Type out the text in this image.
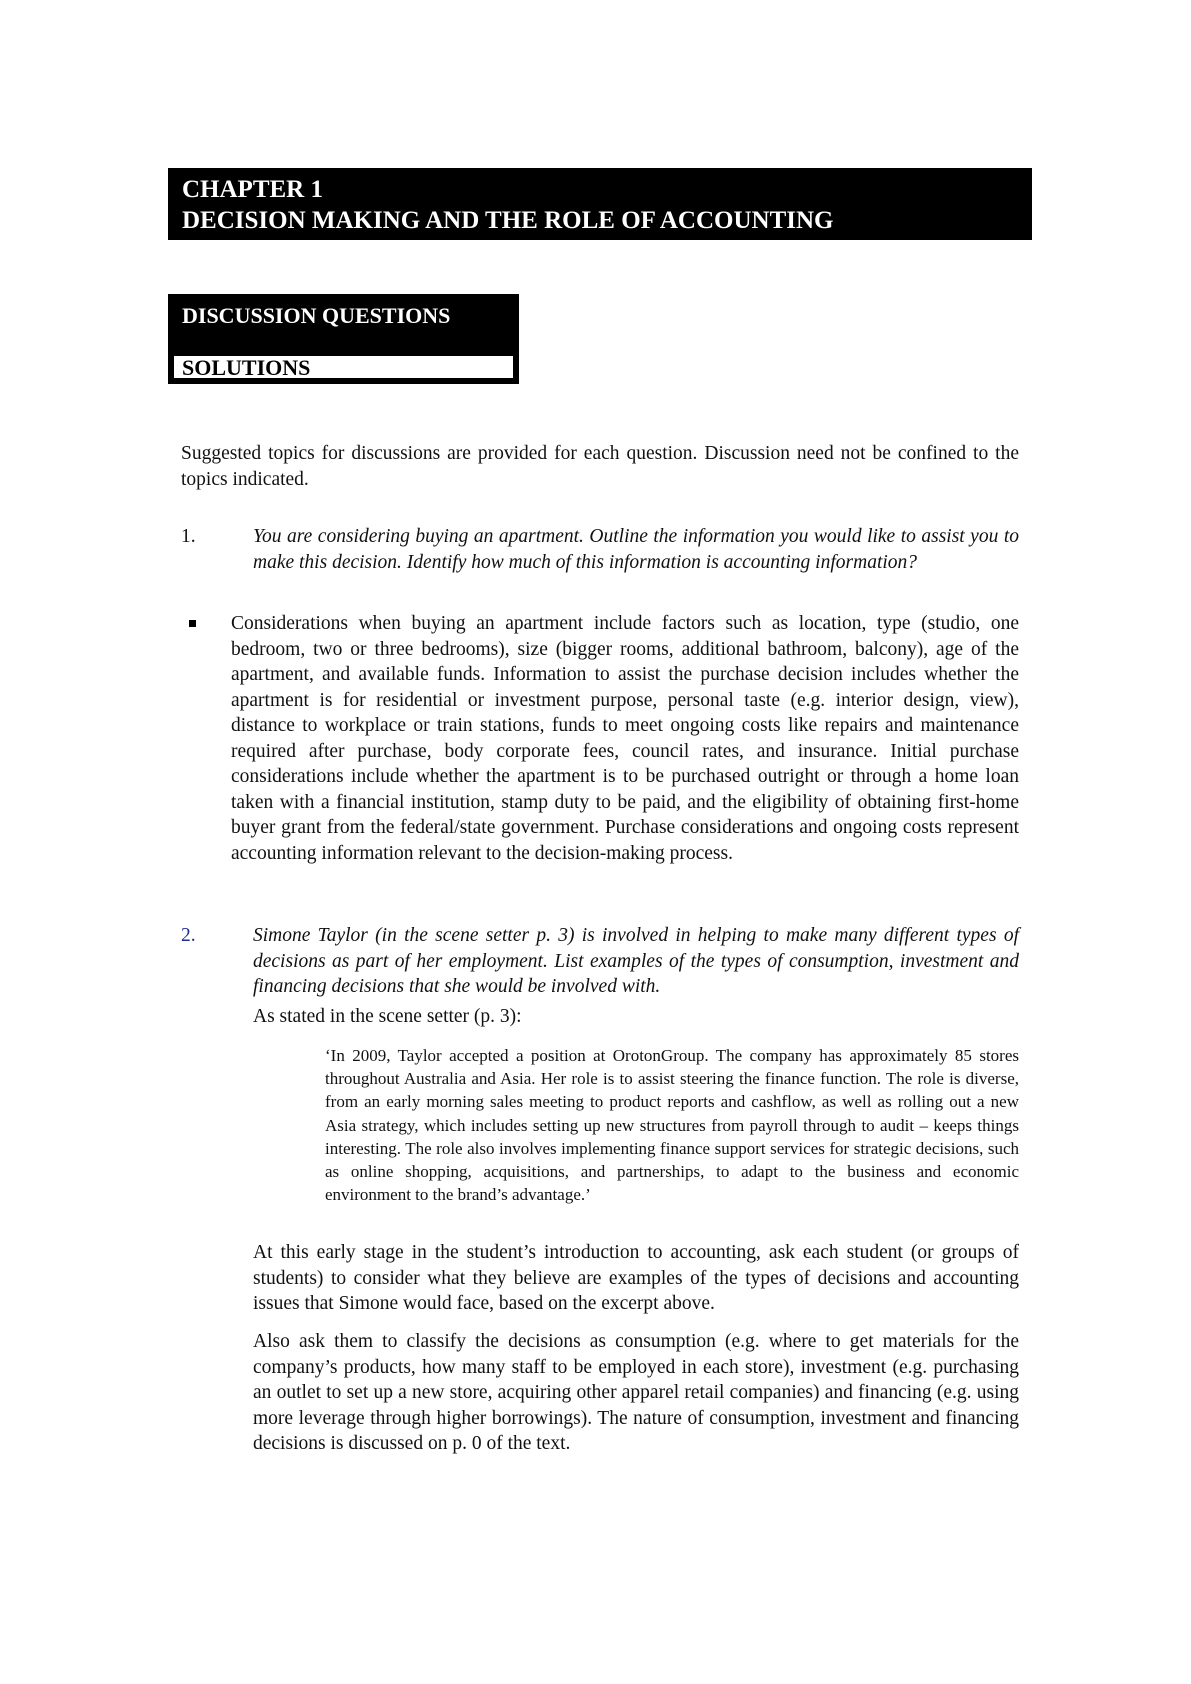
CHAPTER 1
DECISION MAKING AND THE ROLE OF ACCOUNTING
DISCUSSION QUESTIONS
SOLUTIONS

Suggested topics for discussions are provided for each question. Discussion need not be confined to the topics indicated.

1.	You are considering buying an apartment. Outline the information you would like to assist you to make this decision. Identify how much of this information is accounting information?

Considerations when buying an apartment include factors such as location, type (studio, one bedroom, two or three bedrooms), size (bigger rooms, additional bathroom, balcony), age of the apartment, and available funds. Information to assist the purchase decision includes whether the apartment is for residential or investment purpose, personal taste (e.g. interior design, view), distance to workplace or train stations, funds to meet ongoing costs like repairs and maintenance required after purchase, body corporate fees, council rates, and insurance. Initial purchase considerations include whether the apartment is to be purchased outright or through a home loan taken with a financial institution, stamp duty to be paid, and the eligibility of obtaining first-home buyer grant from the federal/state government. Purchase considerations and ongoing costs represent accounting information relevant to the decision-making process.

2.	Simone Taylor (in the scene setter p. 3) is involved in helping to make many different types of decisions as part of her employment. List examples of the types of consumption, investment and financing decisions that she would be involved with.

As stated in the scene setter (p. 3):

‘In 2009, Taylor accepted a position at OrotonGroup. The company has approximately 85 stores throughout Australia and Asia. Her role is to assist steering the finance function. The role is diverse, from an early morning sales meeting to product reports and cashflow, as well as rolling out a new Asia strategy, which includes setting up new structures from payroll through to audit – keeps things interesting. The role also involves implementing finance support services for strategic decisions, such as online shopping, acquisitions, and partnerships, to adapt to the business and economic environment to the brand’s advantage.’

At this early stage in the student’s introduction to accounting, ask each student (or groups of students) to consider what they believe are examples of the types of decisions and accounting issues that Simone would face, based on the excerpt above.

Also ask them to classify the decisions as consumption (e.g. where to get materials for the company’s products, how many staff to be employed in each store), investment (e.g. purchasing an outlet to set up a new store, acquiring other apparel retail companies) and financing (e.g. using more leverage through higher borrowings). The nature of consumption, investment and financing decisions is discussed on p. 0 of the text.
